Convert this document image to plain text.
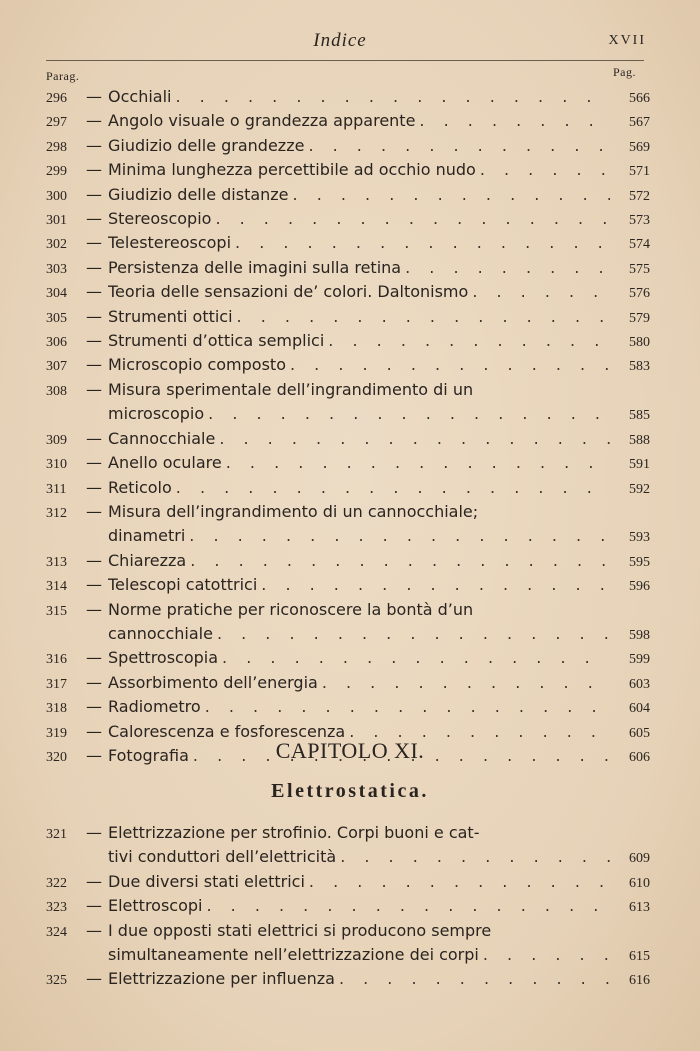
Indice	XVII
Parag.	Pag.
296	— Occhiali . . .	566
297	— Angolo visuale o grandezza apparente . . .	567
298	— Giudizio delle grandezze . . .	569
299	— Minima lunghezza percettibile ad occhio nudo . . .	571
300	— Giudizio delle distanze . . .	572
301	— Stereoscopio . . .	573
302	— Telestereoscopi . . .	574
303	— Persistenza delle imagini sulla retina . . .	575
304	— Teoria delle sensazioni de’ colori. Daltonismo . . .	576
305	— Strumenti ottici . . .	579
306	— Strumenti d’ottica semplici . . .	580
307	— Microscopio composto . . .	583
308	— Misura sperimentale dell’ingrandimento di un
microscopio . . .	585
309	— Cannocchiale . . .	588
310	— Anello oculare . . .	591
311	— Reticolo . . .	592
312	— Misura dell’ingrandimento di un cannocchiale;
dinametri . . .	593
313	— Chiarezza . . .	595
314	— Telescopi catottrici . . .	596
315	— Norme pratiche per riconoscere la bontà d’un
cannocchiale . . .	598
316	— Spettroscopia . . .	599
317	— Assorbimento dell’energia . . .	603
318	— Radiometro . . .	604
319	— Calorescenza e fosforescenza . . .	605
320	— Fotografia . . .	606
CAPITOLO XI.
Elettrostatica.
321	— Elettrizzazione per strofinio. Corpi buoni e cat-
tivi conduttori dell’elettricità . . .	609
322	— Due diversi stati elettrici . . .	610
323	— Elettroscopi . . .	613
324	— I due opposti stati elettrici si producono sempre
simultaneamente nell’elettrizzazione dei corpi . . .	615
325	— Elettrizzazione per influenza . . .	616
